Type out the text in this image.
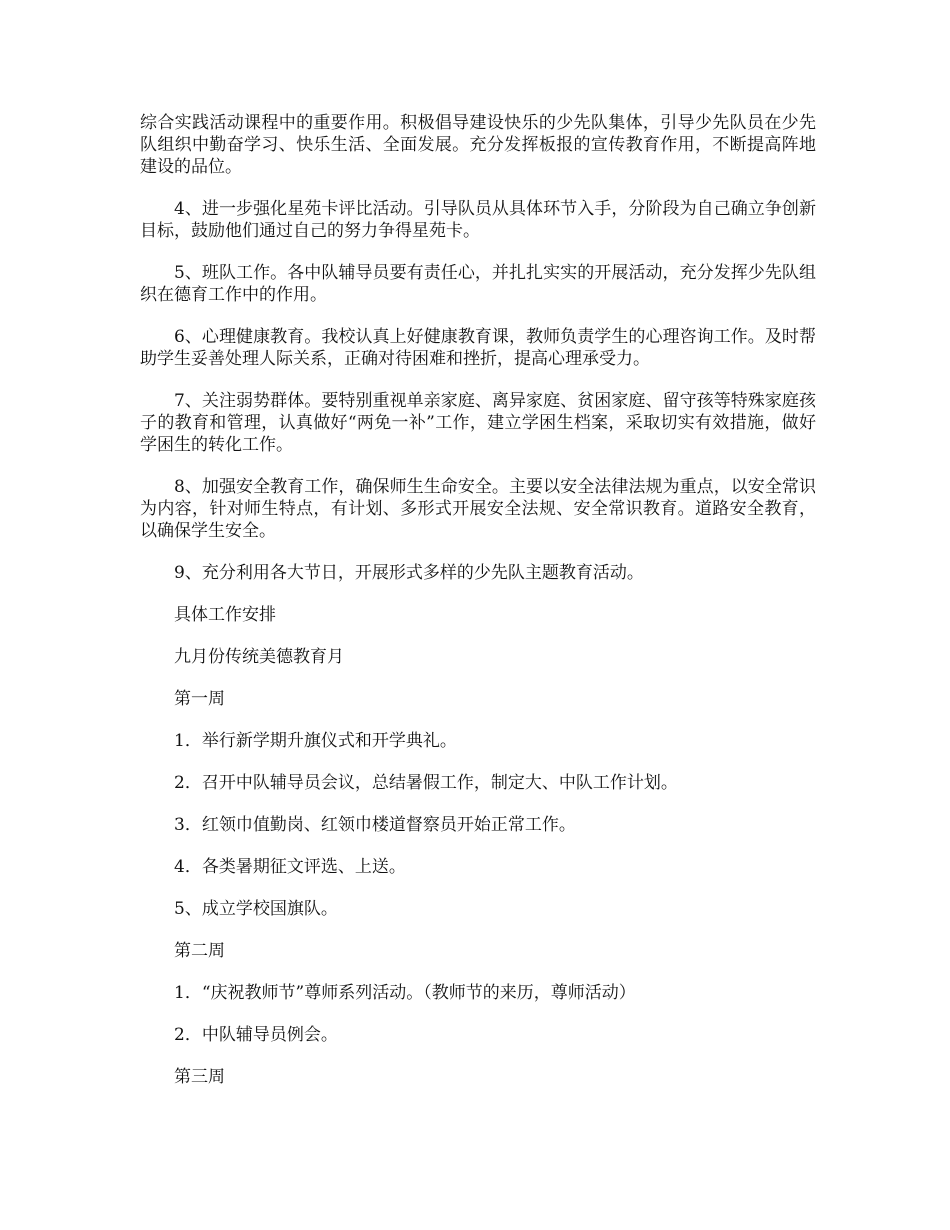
综合实践活动课程中的重要作用。积极倡导建设快乐的少先队集体，引导少先队员在少先队组织中勤奋学习、快乐生活、全面发展。充分发挥板报的宣传教育作用，不断提高阵地建设的品位。

4、进一步强化星苑卡评比活动。引导队员从具体环节入手，分阶段为自己确立争创新目标，鼓励他们通过自己的努力争得星苑卡。

5、班队工作。各中队辅导员要有责任心，并扎扎实实的开展活动，充分发挥少先队组织在德育工作中的作用。

6、心理健康教育。我校认真上好健康教育课，教师负责学生的心理咨询工作。及时帮助学生妥善处理人际关系，正确对待困难和挫折，提高心理承受力。

7、关注弱势群体。要特别重视单亲家庭、离异家庭、贫困家庭、留守孩等特殊家庭孩子的教育和管理，认真做好“两免一补”工作，建立学困生档案，采取切实有效措施，做好学困生的转化工作。

8、加强安全教育工作，确保师生生命安全。主要以安全法律法规为重点，以安全常识为内容，针对师生特点，有计划、多形式开展安全法规、安全常识教育。道路安全教育，以确保学生安全。

9、充分利用各大节日，开展形式多样的少先队主题教育活动。

具体工作安排

九月份传统美德教育月

第一周

1．举行新学期升旗仪式和开学典礼。

2．召开中队辅导员会议，总结暑假工作，制定大、中队工作计划。

3．红领巾值勤岗、红领巾楼道督察员开始正常工作。

4．各类暑期征文评选、上送。

5、成立学校国旗队。

第二周

1．“庆祝教师节”尊师系列活动。（教师节的来历，尊师活动）

2．中队辅导员例会。

第三周
